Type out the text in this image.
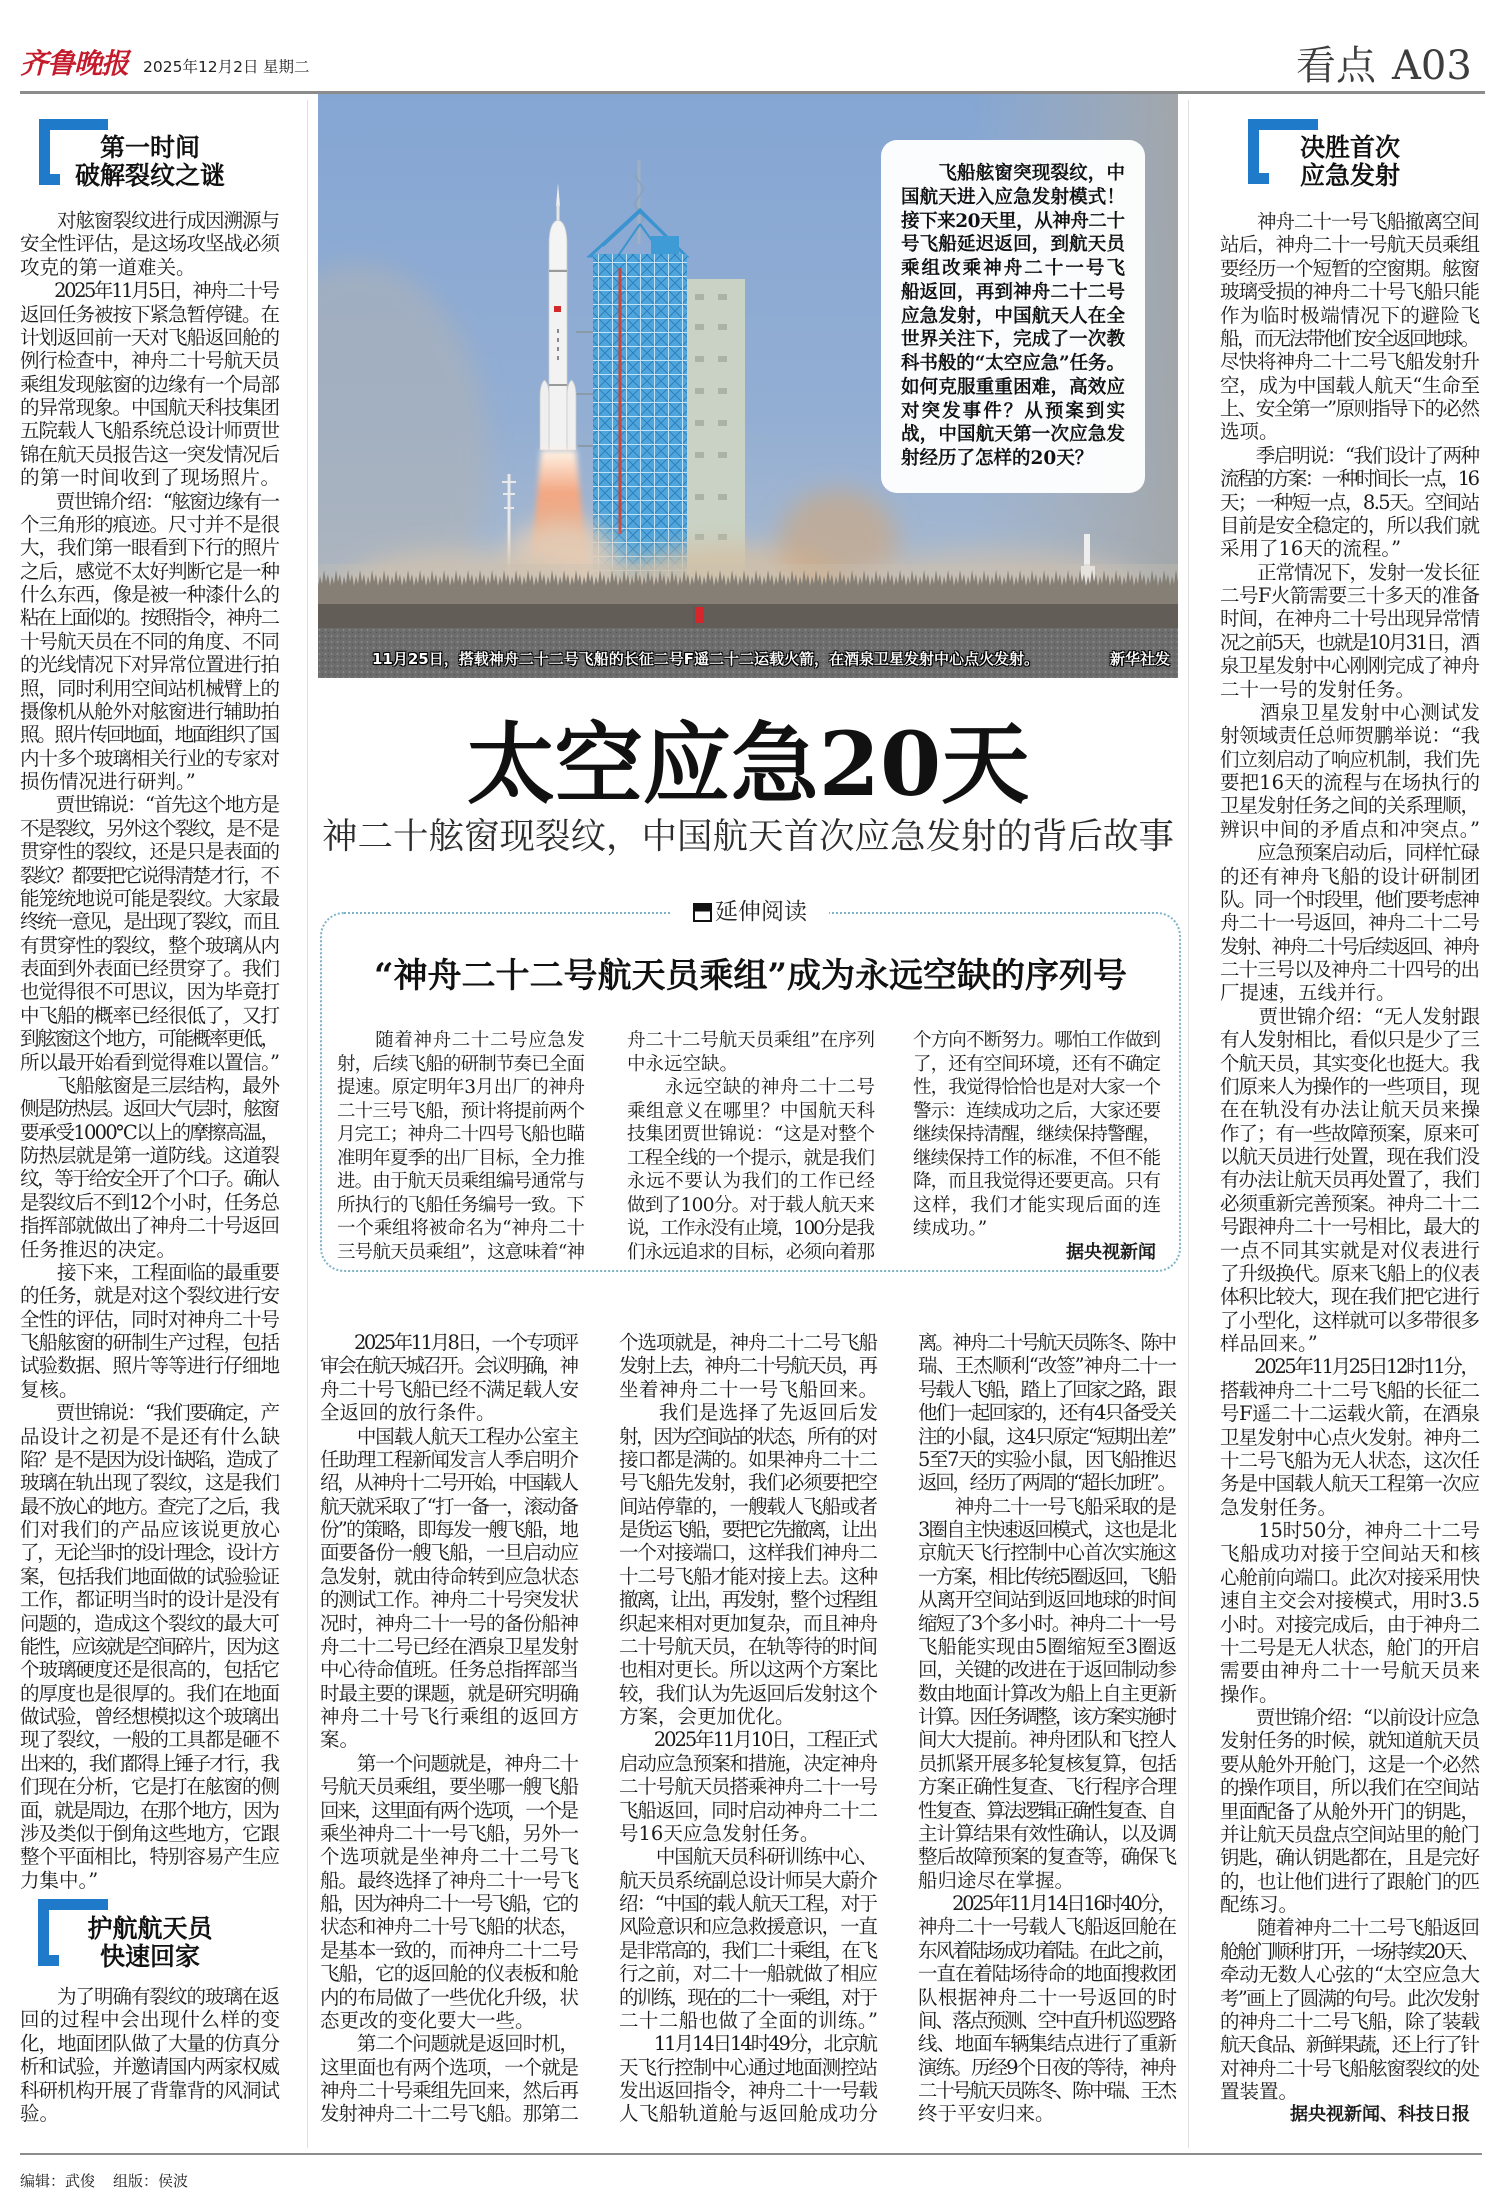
齐鲁晚报 2025年12月2日 星期二	看点 A03
第一时间
破解裂纹之谜
　　对舷窗裂纹进行成因溯源与
安全性评估，是这场攻坚战必须
攻克的第一道难关。
　　2025年11月5日，神舟二十号
返回任务被按下紧急暂停键。在
计划返回前一天对飞船返回舱的
例行检查中，神舟二十号航天员
乘组发现舷窗的边缘有一个局部
的异常现象。中国航天科技集团
五院载人飞船系统总设计师贾世
锦在航天员报告这一突发情况后
的第一时间收到了现场照片。
　　贾世锦介绍：“舷窗边缘有一
个三角形的痕迹。尺寸并不是很
大，我们第一眼看到下行的照片
之后，感觉不太好判断它是一种
什么东西，像是被一种漆什么的
粘在上面似的。按照指令，神舟二
十号航天员在不同的角度、不同
的光线情况下对异常位置进行拍
照，同时利用空间站机械臂上的
摄像机从舱外对舷窗进行辅助拍
照。照片传回地面，地面组织了国
内十多个玻璃相关行业的专家对
损伤情况进行研判。”
　　贾世锦说：“首先这个地方是
不是裂纹，另外这个裂纹，是不是
贯穿性的裂纹，还是只是表面的
裂纹？都要把它说得清楚才行，不
能笼统地说可能是裂纹。大家最
终统一意见，是出现了裂纹，而且
有贯穿性的裂纹，整个玻璃从内
表面到外表面已经贯穿了。我们
也觉得很不可思议，因为毕竟打
中飞船的概率已经很低了，又打
到舷窗这个地方，可能概率更低，
所以最开始看到觉得难以置信。”
　　飞船舷窗是三层结构，最外
侧是防热层。返回大气层时，舷窗
要承受1000℃以上的摩擦高温，
防热层就是第一道防线。这道裂
纹，等于给安全开了个口子。确认
是裂纹后不到12个小时，任务总
指挥部就做出了神舟二十号返回
任务推迟的决定。
　　接下来，工程面临的最重要
的任务，就是对这个裂纹进行安
全性的评估，同时对神舟二十号
飞船舷窗的研制生产过程，包括
试验数据、照片等等进行仔细地
复核。
　　贾世锦说：“我们要确定，产
品设计之初是不是还有什么缺
陷？是不是因为设计缺陷，造成了
玻璃在轨出现了裂纹，这是我们
最不放心的地方。查完了之后，我
们对我们的产品应该说更放心
了，无论当时的设计理念，设计方
案，包括我们地面做的试验验证
工作，都证明当时的设计是没有
问题的，造成这个裂纹的最大可
能性，应该就是空间碎片，因为这
个玻璃硬度还是很高的，包括它
的厚度也是很厚的。我们在地面
做试验，曾经想模拟这个玻璃出
现了裂纹，一般的工具都是砸不
出来的，我们都得上锤子才行，我
们现在分析，它是打在舷窗的侧
面，就是周边，在那个地方，因为
涉及类似于倒角这些地方，它跟
整个平面相比，特别容易产生应
力集中。”
护航航天员
快速回家
　　为了明确有裂纹的玻璃在返
回的过程中会出现什么样的变
化，地面团队做了大量的仿真分
析和试验，并邀请国内两家权威
科研机构开展了背靠背的风洞试
验。
　　飞船舷窗突现裂纹，中
国航天进入应急发射模式！
接下来20天里，从神舟二十
号飞船延迟返回，到航天员
乘组改乘神舟二十一号飞
船返回，再到神舟二十二号
应急发射，中国航天人在全
世界关注下，完成了一次教
科书般的“太空应急”任务。
如何克服重重困难，高效应
对突发事件？从预案到实
战，中国航天第一次应急发
射经历了怎样的20天？
11月25日，搭载神舟二十二号飞船的长征二号F遥二十二运载火箭，在酒泉卫星发射中心点火发射。	新华社发
太空应急20天
神二十舷窗现裂纹，中国航天首次应急发射的背后故事
延伸阅读
“神舟二十二号航天员乘组”成为永远空缺的序列号
　　随着神舟二十二号应急发
射，后续飞船的研制节奏已全面
提速。原定明年3月出厂的神舟
二十三号飞船，预计将提前两个
月完工；神舟二十四号飞船也瞄
准明年夏季的出厂目标，全力推
进。由于航天员乘组编号通常与
所执行的飞船任务编号一致。下
一个乘组将被命名为“神舟二十
三号航天员乘组”，这意味着“神
舟二十二号航天员乘组”在序列
中永远空缺。
　　永远空缺的神舟二十二号
乘组意义在哪里？中国航天科
技集团贾世锦说：“这是对整个
工程全线的一个提示，就是我们
永远不要认为我们的工作已经
做到了100分。对于载人航天来
说，工作永没有止境，100分是我
们永远追求的目标，必须向着那
个方向不断努力。哪怕工作做到
了，还有空间环境，还有不确定
性，我觉得恰恰也是对大家一个
警示：连续成功之后，大家还要
继续保持清醒，继续保持警醒，
继续保持工作的标准，不但不能
降，而且我觉得还要更高。只有
这样，我们才能实现后面的连
续成功。”
据央视新闻
　　2025年11月8日，一个专项评
审会在航天城召开。会议明确，神
舟二十号飞船已经不满足载人安
全返回的放行条件。
　　中国载人航天工程办公室主
任助理工程新闻发言人季启明介
绍，从神舟十二号开始，中国载人
航天就采取了“打一备一，滚动备
份”的策略，即每发一艘飞船，地
面要备份一艘飞船，一旦启动应
急发射，就由待命转到应急状态
的测试工作。神舟二十号突发状
况时，神舟二十一号的备份船神
舟二十二号已经在酒泉卫星发射
中心待命值班。任务总指挥部当
时最主要的课题，就是研究明确
神舟二十号飞行乘组的返回方
案。
　　第一个问题就是，神舟二十
号航天员乘组，要坐哪一艘飞船
回来，这里面有两个选项，一个是
乘坐神舟二十一号飞船，另外一
个选项就是坐神舟二十二号飞
船。最终选择了神舟二十一号飞
船，因为神舟二十一号飞船，它的
状态和神舟二十号飞船的状态，
是基本一致的，而神舟二十二号
飞船，它的返回舱的仪表板和舱
内的布局做了一些优化升级，状
态更改的变化要大一些。
　　第二个问题就是返回时机，
这里面也有两个选项，一个就是
神舟二十号乘组先回来，然后再
发射神舟二十二号飞船。那第二
个选项就是，神舟二十二号飞船
发射上去，神舟二十号航天员，再
坐着神舟二十一号飞船回来。
　　我们是选择了先返回后发
射，因为空间站的状态，所有的对
接口都是满的。如果神舟二十二
号飞船先发射，我们必须要把空
间站停靠的，一艘载人飞船或者
是货运飞船，要把它先撤离，让出
一个对接端口，这样我们神舟二
十二号飞船才能对接上去。这种
撤离，让出，再发射，整个过程组
织起来相对更加复杂，而且神舟
二十号航天员，在轨等待的时间
也相对更长。所以这两个方案比
较，我们认为先返回后发射这个
方案，会更加优化。
　　2025年11月10日，工程正式
启动应急预案和措施，决定神舟
二十号航天员搭乘神舟二十一号
飞船返回，同时启动神舟二十二
号16天应急发射任务。
　　中国航天员科研训练中心、
航天员系统副总设计师吴大蔚介
绍：“中国的载人航天工程，对于
风险意识和应急救援意识，一直
是非常高的，我们二十乘组，在飞
行之前，对二十一船就做了相应
的训练，现在的二十一乘组，对于
二十二船也做了全面的训练。”
　　11月14日14时49分，北京航
天飞行控制中心通过地面测控站
发出返回指令，神舟二十一号载
人飞船轨道舱与返回舱成功分
离。神舟二十号航天员陈冬、陈中
瑞、王杰顺利“改签”神舟二十一
号载人飞船，踏上了回家之路，跟
他们一起回家的，还有4只备受关
注的小鼠，这4只原定“短期出差”
5至7天的实验小鼠，因飞船推迟
返回，经历了两周的“超长加班”。
　　神舟二十一号飞船采取的是
3圈自主快速返回模式，这也是北
京航天飞行控制中心首次实施这
一方案，相比传统5圈返回，飞船
从离开空间站到返回地球的时间
缩短了3个多小时。神舟二十一号
飞船能实现由5圈缩短至3圈返
回，关键的改进在于返回制动参
数由地面计算改为船上自主更新
计算。因任务调整，该方案实施时
间大大提前。神舟团队和飞控人
员抓紧开展多轮复核复算，包括
方案正确性复查、飞行程序合理
性复查、算法逻辑正确性复查、自
主计算结果有效性确认，以及调
整后故障预案的复查等，确保飞
船归途尽在掌握。
　　2025年11月14日16时40分，
神舟二十一号载人飞船返回舱在
东风着陆场成功着陆。在此之前，
一直在着陆场待命的地面搜救团
队根据神舟二十一号返回的时
间、落点预测、空中直升机巡逻路
线、地面车辆集结点进行了重新
演练。历经9个日夜的等待，神舟
二十号航天员陈冬、陈中瑞、王杰
终于平安归来。
决胜首次
应急发射
　　神舟二十一号飞船撤离空间
站后，神舟二十一号航天员乘组
要经历一个短暂的空窗期。舷窗
玻璃受损的神舟二十号飞船只能
作为临时极端情况下的避险飞
船，而无法带他们安全返回地球。
尽快将神舟二十二号飞船发射升
空，成为中国载人航天“生命至
上、安全第一”原则指导下的必然
选项。
　　季启明说：“我们设计了两种
流程的方案：一种时间长一点，16
天；一种短一点，8.5天。空间站
目前是安全稳定的，所以我们就
采用了16天的流程。”
　　正常情况下，发射一发长征
二号F火箭需要三十多天的准备
时间，在神舟二十号出现异常情
况之前5天，也就是10月31日，酒
泉卫星发射中心刚刚完成了神舟
二十一号的发射任务。
　　酒泉卫星发射中心测试发
射领域责任总师贺鹏举说：“我
们立刻启动了响应机制，我们先
要把16天的流程与在场执行的
卫星发射任务之间的关系理顺，
辨识中间的矛盾点和冲突点。”
　　应急预案启动后，同样忙碌
的还有神舟飞船的设计研制团
队。同一个时段里，他们要考虑神
舟二十一号返回，神舟二十二号
发射、神舟二十号后续返回、神舟
二十三号以及神舟二十四号的出
厂提速，五线并行。
　　贾世锦介绍：“无人发射跟
有人发射相比，看似只是少了三
个航天员，其实变化也挺大。我
们原来人为操作的一些项目，现
在在轨没有办法让航天员来操
作了；有一些故障预案，原来可
以航天员进行处置，现在我们没
有办法让航天员再处置了，我们
必须重新完善预案。神舟二十二
号跟神舟二十一号相比，最大的
一点不同其实就是对仪表进行
了升级换代。原来飞船上的仪表
体积比较大，现在我们把它进行
了小型化，这样就可以多带很多
样品回来。”
　　2025年11月25日12时11分，
搭载神舟二十二号飞船的长征二
号F遥二十二运载火箭，在酒泉
卫星发射中心点火发射。神舟二
十二号飞船为无人状态，这次任
务是中国载人航天工程第一次应
急发射任务。
　　15时50分，神舟二十二号
飞船成功对接于空间站天和核
心舱前向端口。此次对接采用快
速自主交会对接模式，用时3.5
小时。对接完成后，由于神舟二
十二号是无人状态，舱门的开启
需要由神舟二十一号航天员来
操作。
　　贾世锦介绍：“以前设计应急
发射任务的时候，就知道航天员
要从舱外开舱门，这是一个必然
的操作项目，所以我们在空间站
里面配备了从舱外开门的钥匙，
并让航天员盘点空间站里的舱门
钥匙，确认钥匙都在，且是完好
的，也让他们进行了跟舱门的匹
配练习。
　　随着神舟二十二号飞船返回
舱舱门顺利打开，一场持续20天、
牵动无数人心弦的“太空应急大
考”画上了圆满的句号。此次发射
的神舟二十二号飞船，除了装载
航天食品、新鲜果蔬，还上行了针
对神舟二十号飞船舷窗裂纹的处
置装置。
据央视新闻、科技日报
编辑：武俊 组版：侯波
